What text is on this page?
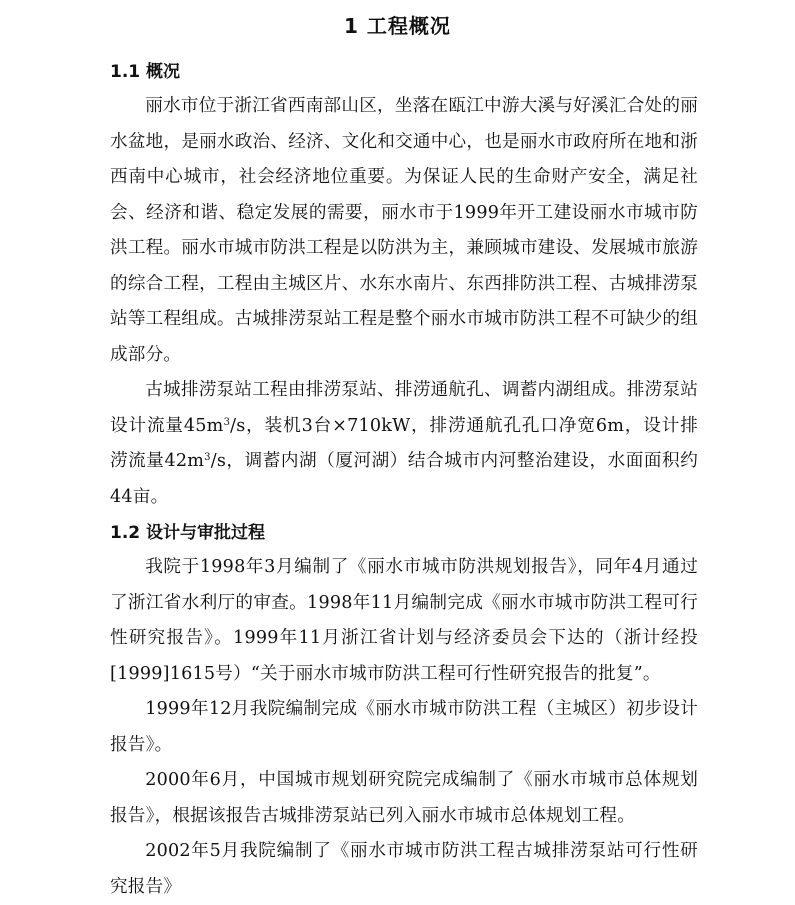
1 工程概况
1.1 概况

丽水市位于浙江省西南部山区，坐落在瓯江中游大溪与好溪汇合处的丽水盆地，是丽水政治、经济、文化和交通中心，也是丽水市政府所在地和浙西南中心城市，社会经济地位重要。为保证人民的生命财产安全，满足社会、经济和谐、稳定发展的需要，丽水市于1999年开工建设丽水市城市防洪工程。丽水市城市防洪工程是以防洪为主，兼顾城市建设、发展城市旅游的综合工程，工程由主城区片、水东水南片、东西排防洪工程、古城排涝泵站等工程组成。古城排涝泵站工程是整个丽水市城市防洪工程不可缺少的组成部分。

古城排涝泵站工程由排涝泵站、排涝通航孔、调蓄内湖组成。排涝泵站设计流量$45m^3/s$，装机3台×710kW，排涝通航孔孔口净宽6m，设计排涝流量$42m^3/s$，调蓄内湖（厦河湖）结合城市内河整治建设，水面面积约44亩。

1.2 设计与审批过程

我院于1998年3月编制了《丽水市城市防洪规划报告》，同年4月通过了浙江省水利厅的审查。1998年11月编制完成《丽水市城市防洪工程可行性研究报告》。1999年11月浙江省计划与经济委员会下达的（浙计经投[1999]1615号）“关于丽水市城市防洪工程可行性研究报告的批复”。

1999年12月我院编制完成《丽水市城市防洪工程（主城区）初步设计报告》。

2000年6月，中国城市规划研究院完成编制了《丽水市城市总体规划报告》，根据该报告古城排涝泵站已列入丽水市城市总体规划工程。

2002年5月我院编制了《丽水市城市防洪工程古城排涝泵站可行性研究报告》
